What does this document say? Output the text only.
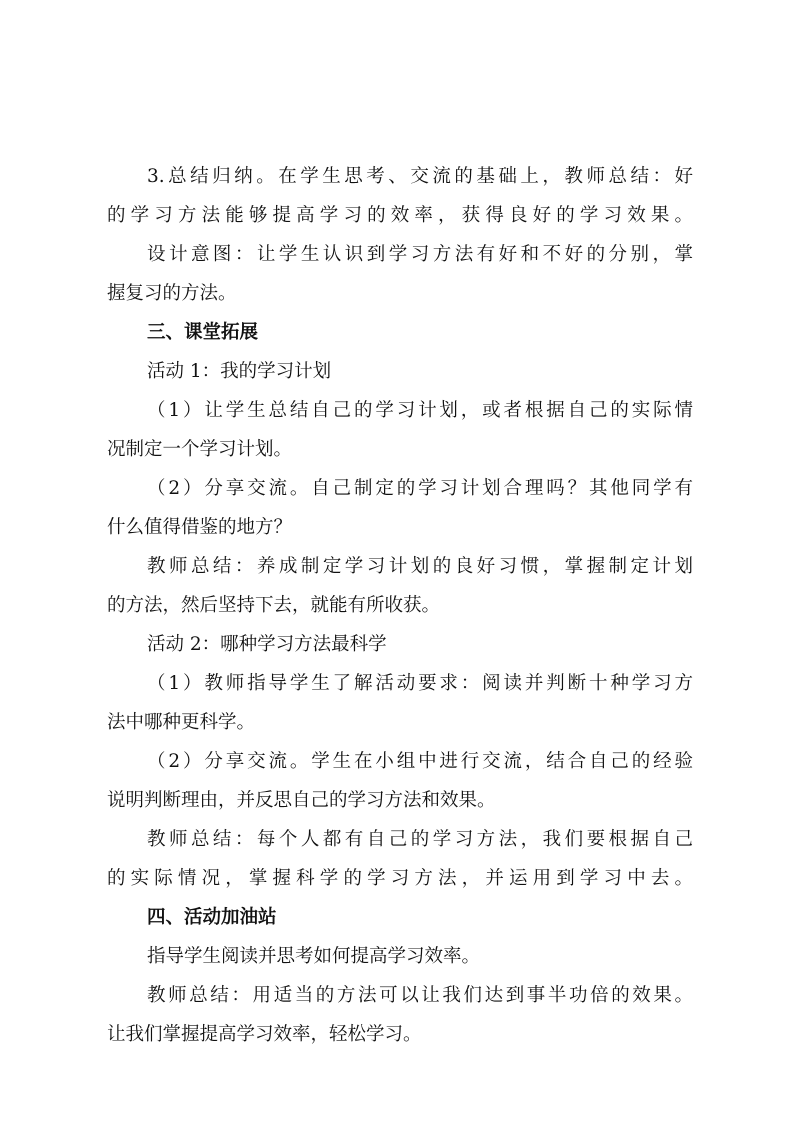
3.总结归纳。在学生思考、交流的基础上，教师总结：好
的学习方法能够提高学习的效率，获得良好的学习效果。
设计意图：让学生认识到学习方法有好和不好的分别，掌
握复习的方法。
三、课堂拓展
活动 1：我的学习计划
（1）让学生总结自己的学习计划，或者根据自己的实际情
况制定一个学习计划。
（2）分享交流。自己制定的学习计划合理吗？其他同学有
什么值得借鉴的地方？
教师总结：养成制定学习计划的良好习惯，掌握制定计划
的方法，然后坚持下去，就能有所收获。
活动 2：哪种学习方法最科学
（1）教师指导学生了解活动要求：阅读并判断十种学习方
法中哪种更科学。
（2）分享交流。学生在小组中进行交流，结合自己的经验
说明判断理由，并反思自己的学习方法和效果。
教师总结：每个人都有自己的学习方法，我们要根据自己
的实际情况，掌握科学的学习方法，并运用到学习中去。
四、活动加油站
指导学生阅读并思考如何提高学习效率。
教师总结：用适当的方法可以让我们达到事半功倍的效果。
让我们掌握提高学习效率，轻松学习。
